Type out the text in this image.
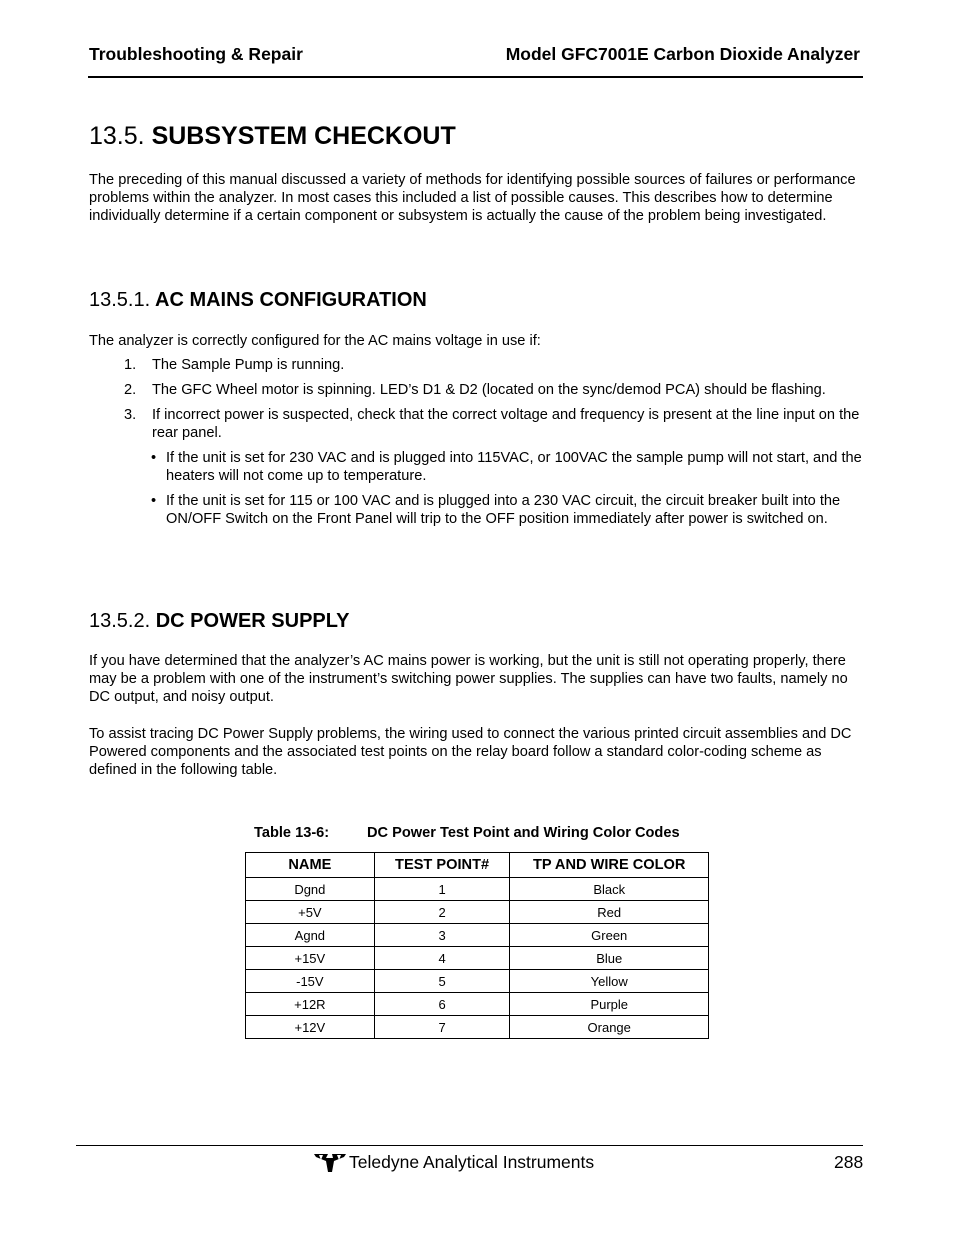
Troubleshooting & Repair	Model GFC7001E Carbon Dioxide Analyzer
13.5. SUBSYSTEM CHECKOUT

The preceding of this manual discussed a variety of methods for identifying possible sources of failures or performance problems within the analyzer. In most cases this included a list of possible causes. This describes how to determine individually determine if a certain component or subsystem is actually the cause of the problem being investigated.

13.5.1. AC MAINS CONFIGURATION

The analyzer is correctly configured for the AC mains voltage in use if:

1. The Sample Pump is running.
2. The GFC Wheel motor is spinning. LED’s D1 & D2 (located on the sync/demod PCA) should be flashing.
3. If incorrect power is suspected, check that the correct voltage and frequency is present at the line input on the rear panel.
• If the unit is set for 230 VAC and is plugged into 115VAC, or 100VAC the sample pump will not start, and the heaters will not come up to temperature.
• If the unit is set for 115 or 100 VAC and is plugged into a 230 VAC circuit, the circuit breaker built into the ON/OFF Switch on the Front Panel will trip to the OFF position immediately after power is switched on.
13.5.2. DC POWER SUPPLY

If you have determined that the analyzer’s AC mains power is working, but the unit is still not operating properly, there may be a problem with one of the instrument’s switching power supplies. The supplies can have two faults, namely no DC output, and noisy output.

To assist tracing DC Power Supply problems, the wiring used to connect the various printed circuit assemblies and DC Powered components and the associated test points on the relay board follow a standard color-coding scheme as defined in the following table.

Table 13-6:	DC Power Test Point and Wiring Color Codes
NAME	TEST POINT#	TP AND WIRE COLOR
Dgnd	1	Black
+5V	2	Red
Agnd	3	Green
+15V	4	Blue
-15V	5	Yellow
+12R	6	Purple
+12V	7	Orange
Teledyne Analytical Instruments	288
